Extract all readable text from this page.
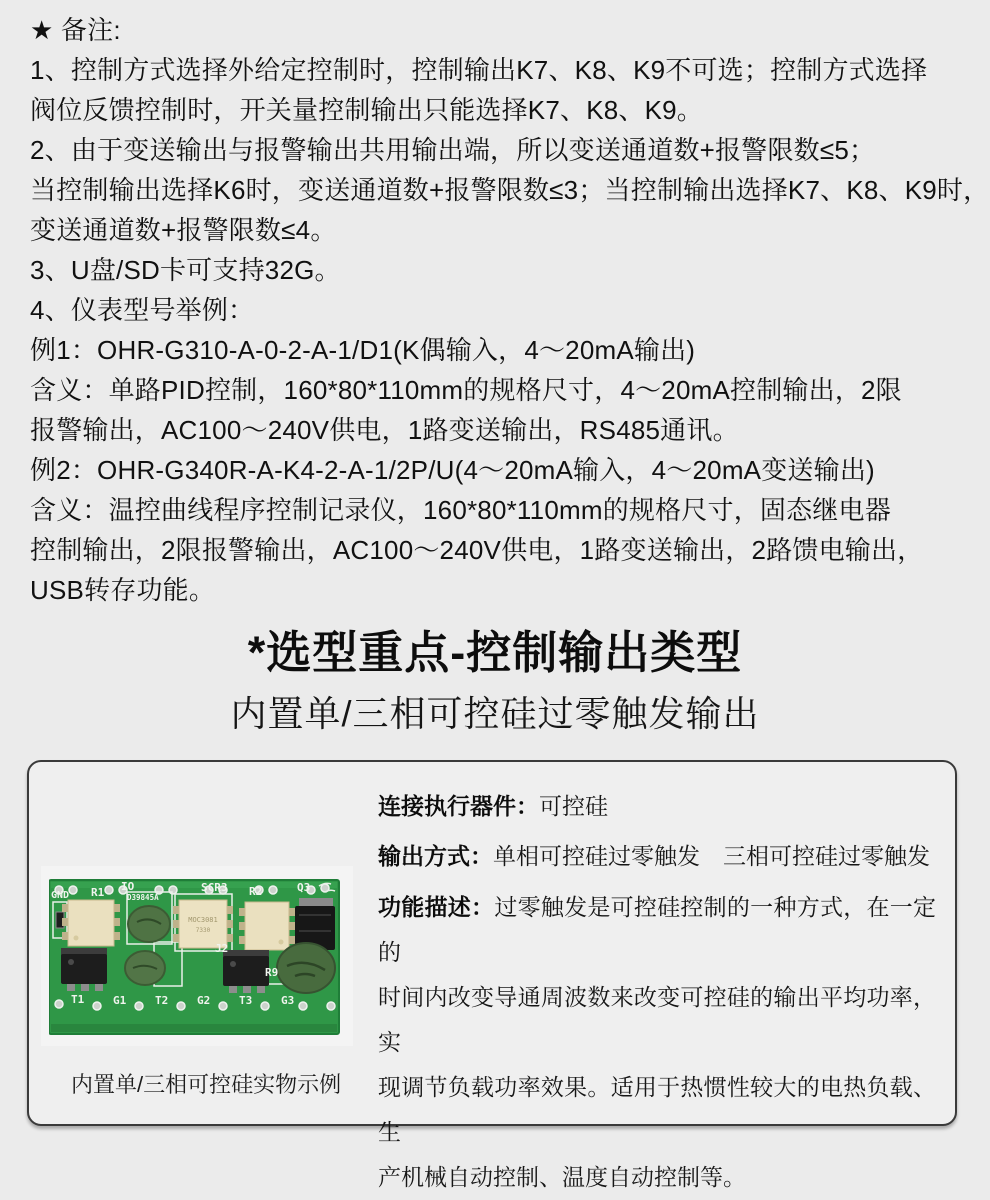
★ 备注:
1、控制方式选择外给定控制时，控制输出K7、K8、K9不可选；控制方式选择
阀位反馈控制时，开关量控制输出只能选择K7、K8、K9。
2、由于变送输出与报警输出共用输出端，所以变送通道数+报警限数≤5；
当控制输出选择K6时，变送通道数+报警限数≤3；当控制输出选择K7、K8、K9时，
变送通道数+报警限数≤4。
3、U盘/SD卡可支持32G。
4、仪表型号举例：
例1：OHR-G310-A-0-2-A-1/D1(K偶输入，4～20mA输出)
含义：单路PID控制，160*80*110mm的规格尺寸，4～20mA控制输出，2限
报警输出，AC100～240V供电，1路变送输出，RS485通讯。
例2：OHR-G340R-A-K4-2-A-1/2P/U(4～20mA输入，4～20mA变送输出)
含义：温控曲线程序控制记录仪，160*80*110mm的规格尺寸，固态继电器
控制输出，2限报警输出，AC100～240V供电，1路变送输出，2路馈电输出，
USB转存功能。
*选型重点-控制输出类型
内置单/三相可控硅过零触发输出
MOC3081
7330
GND R1 IO
D39845A
SCR3 R2	Q3
J2
R9
T1	G1	T2	G2	T3	G3
内置单/三相可控硅实物示例
连接执行器件：可控硅
输出方式：单相可控硅过零触发　三相可控硅过零触发
功能描述：过零触发是可控硅控制的一种方式，在一定的
时间内改变导通周波数来改变可控硅的输出平均功率，实
现调节负载功率效果。适用于热惯性较大的电热负载、生
产机械自动控制、温度自动控制等。
